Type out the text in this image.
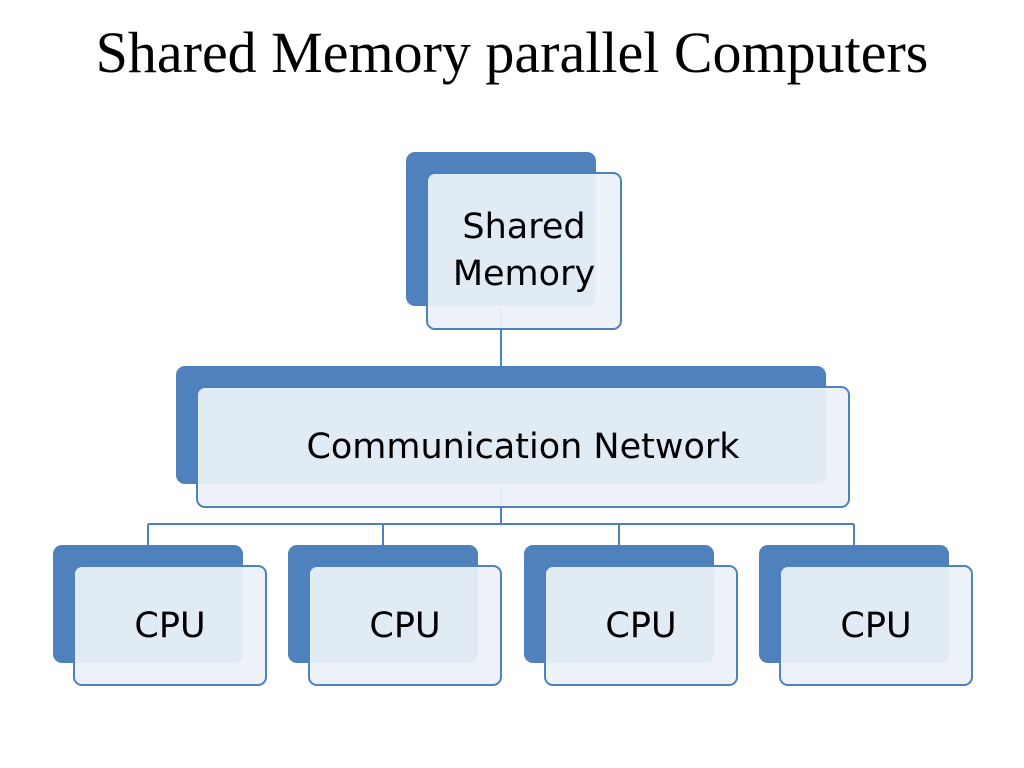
Shared Memory parallel Computers
Shared
Memory
Communication Network
CPU	CPU	CPU	CPU
